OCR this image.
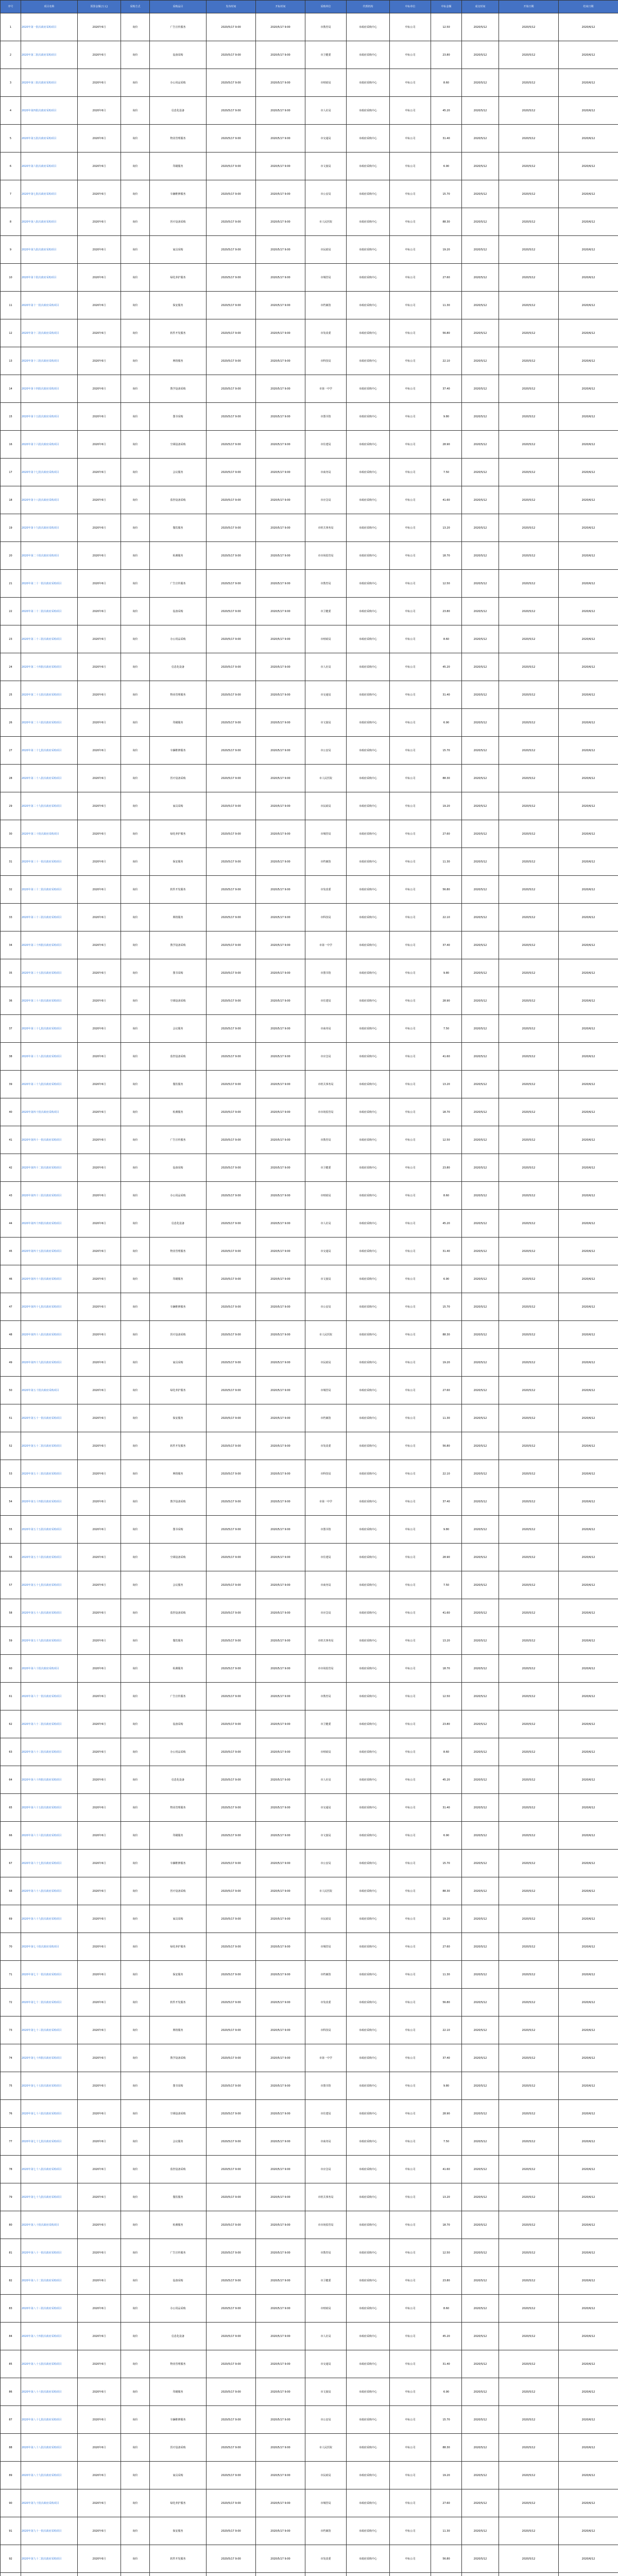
序号	项目名称	预算金额(万元)	采购方式	采购品目	发布时间	开标时间	采购单位	代理机构	中标单位	中标金额	成交时间	开始日期	结束日期
1	2020年第一批次政府采购项目	2020年6月	询价	广告宣传服务	2020/5/17 9:00	2020/5/17 9:00	市教育局	市政府采购中心	中标公司	12.50	2020/5/12	2020/5/12	2020/6/12
2	2020年第二批次政府采购项目	2020年6月	询价	设备采购	2020/5/17 9:00	2020/5/17 9:00	市卫健委	市政府采购中心	中标公司	23.80	2020/5/12	2020/5/12	2020/6/12
3	2020年第三批次政府采购项目	2020年6月	询价	办公用品采购	2020/5/17 9:00	2020/5/17 9:00	市财政局	市政府采购中心	中标公司	8.60	2020/5/12	2020/5/12	2020/6/12
4	2020年第四批次政府采购项目	2020年6月	询价	信息化设备	2020/5/17 9:00	2020/5/17 9:00	市人社局	市政府采购中心	中标公司	45.20	2020/5/12	2020/5/12	2020/6/12
5	2020年第五批次政府采购项目	2020年6月	询价	物业管理服务	2020/5/17 9:00	2020/5/17 9:00	市交通局	市政府采购中心	中标公司	31.40	2020/5/12	2020/5/12	2020/6/12
6	2020年第六批次政府采购项目	2020年6月	询价	印刷服务	2020/5/17 9:00	2020/5/17 9:00	市文旅局	市政府采购中心	中标公司	6.90	2020/5/12	2020/5/12	2020/6/12
7	2020年第七批次政府采购项目	2020年6月	询价	车辆维修服务	2020/5/17 9:00	2020/5/17 9:00	市公安局	市政府采购中心	中标公司	15.70	2020/5/12	2020/5/12	2020/6/12
8	2020年第八批次政府采购项目	2020年6月	询价	医疗设备采购	2020/5/17 9:00	2020/5/17 9:00	市人民医院	市政府采购中心	中标公司	88.30	2020/5/12	2020/5/12	2020/6/12
9	2020年第九批次政府采购项目	2020年6月	询价	家具采购	2020/5/17 9:00	2020/5/17 9:00	市民政局	市政府采购中心	中标公司	19.20	2020/5/12	2020/5/12	2020/6/12
10	2020年第十批次政府采购项目	2020年6月	询价	绿化养护服务	2020/5/17 9:00	2020/5/17 9:00	市城管局	市政府采购中心	中标公司	27.60	2020/5/12	2020/5/12	2020/6/12
11	2020年第十一批次政府采购项目	2020年6月	询价	保安服务	2020/5/17 9:00	2020/5/17 9:00	市档案馆	市政府采购中心	中标公司	11.30	2020/5/12	2020/5/12	2020/6/12
12	2020年第十二批次政府采购项目	2020年6月	询价	软件开发服务	2020/5/17 9:00	2020/5/17 9:00	市发改委	市政府采购中心	中标公司	56.80	2020/5/12	2020/5/12	2020/6/12
13	2020年第十三批次政府采购项目	2020年6月	询价	网络服务	2020/5/17 9:00	2020/5/17 9:00	市科技局	市政府采购中心	中标公司	22.10	2020/5/12	2020/5/12	2020/6/12
14	2020年第十四批次政府采购项目	2020年6月	询价	教学设备采购	2020/5/17 9:00	2020/5/17 9:00	市第一中学	市政府采购中心	中标公司	37.40	2020/5/12	2020/5/12	2020/6/12
15	2020年第十五批次政府采购项目	2020年6月	询价	图书采购	2020/5/17 9:00	2020/5/17 9:00	市图书馆	市政府采购中心	中标公司	9.80	2020/5/12	2020/5/12	2020/6/12
16	2020年第十六批次政府采购项目	2020年6月	询价	空调设备采购	2020/5/17 9:00	2020/5/17 9:00	市住建局	市政府采购中心	中标公司	28.90	2020/5/12	2020/5/12	2020/6/12
17	2020年第十七批次政府采购项目	2020年6月	询价	会议服务	2020/5/17 9:00	2020/5/17 9:00	市商务局	市政府采购中心	中标公司	7.50	2020/5/12	2020/5/12	2020/6/12
18	2020年第十八批次政府采购项目	2020年6月	询价	监控设备采购	2020/5/17 9:00	2020/5/17 9:00	市应急局	市政府采购中心	中标公司	41.60	2020/5/12	2020/5/12	2020/6/12
19	2020年第十九批次政府采购项目	2020年6月	询价	餐饮服务	2020/5/17 9:00	2020/5/17 9:00	市机关事务局	市政府采购中心	中标公司	13.20	2020/5/12	2020/5/12	2020/6/12
20	2020年第二十批次政府采购项目	2020年6月	询价	检测服务	2020/5/17 9:00	2020/5/17 9:00	市市场监管局	市政府采购中心	中标公司	18.70	2020/5/12	2020/5/12	2020/6/12
21	2020年第二十一批次政府采购项目	2020年6月	询价	广告宣传服务	2020/5/17 9:00	2020/5/17 9:00	市教育局	市政府采购中心	中标公司	12.50	2020/5/12	2020/5/12	2020/6/12
22	2020年第二十二批次政府采购项目	2020年6月	询价	设备采购	2020/5/17 9:00	2020/5/17 9:00	市卫健委	市政府采购中心	中标公司	23.80	2020/5/12	2020/5/12	2020/6/12
23	2020年第二十三批次政府采购项目	2020年6月	询价	办公用品采购	2020/5/17 9:00	2020/5/17 9:00	市财政局	市政府采购中心	中标公司	8.60	2020/5/12	2020/5/12	2020/6/12
24	2020年第二十四批次政府采购项目	2020年6月	询价	信息化设备	2020/5/17 9:00	2020/5/17 9:00	市人社局	市政府采购中心	中标公司	45.20	2020/5/12	2020/5/12	2020/6/12
25	2020年第二十五批次政府采购项目	2020年6月	询价	物业管理服务	2020/5/17 9:00	2020/5/17 9:00	市交通局	市政府采购中心	中标公司	31.40	2020/5/12	2020/5/12	2020/6/12
26	2020年第二十六批次政府采购项目	2020年6月	询价	印刷服务	2020/5/17 9:00	2020/5/17 9:00	市文旅局	市政府采购中心	中标公司	6.90	2020/5/12	2020/5/12	2020/6/12
27	2020年第二十七批次政府采购项目	2020年6月	询价	车辆维修服务	2020/5/17 9:00	2020/5/17 9:00	市公安局	市政府采购中心	中标公司	15.70	2020/5/12	2020/5/12	2020/6/12
28	2020年第二十八批次政府采购项目	2020年6月	询价	医疗设备采购	2020/5/17 9:00	2020/5/17 9:00	市人民医院	市政府采购中心	中标公司	88.30	2020/5/12	2020/5/12	2020/6/12
29	2020年第二十九批次政府采购项目	2020年6月	询价	家具采购	2020/5/17 9:00	2020/5/17 9:00	市民政局	市政府采购中心	中标公司	19.20	2020/5/12	2020/5/12	2020/6/12
30	2020年第三十批次政府采购项目	2020年6月	询价	绿化养护服务	2020/5/17 9:00	2020/5/17 9:00	市城管局	市政府采购中心	中标公司	27.60	2020/5/12	2020/5/12	2020/6/12
31	2020年第三十一批次政府采购项目	2020年6月	询价	保安服务	2020/5/17 9:00	2020/5/17 9:00	市档案馆	市政府采购中心	中标公司	11.30	2020/5/12	2020/5/12	2020/6/12
32	2020年第三十二批次政府采购项目	2020年6月	询价	软件开发服务	2020/5/17 9:00	2020/5/17 9:00	市发改委	市政府采购中心	中标公司	56.80	2020/5/12	2020/5/12	2020/6/12
33	2020年第三十三批次政府采购项目	2020年6月	询价	网络服务	2020/5/17 9:00	2020/5/17 9:00	市科技局	市政府采购中心	中标公司	22.10	2020/5/12	2020/5/12	2020/6/12
34	2020年第三十四批次政府采购项目	2020年6月	询价	教学设备采购	2020/5/17 9:00	2020/5/17 9:00	市第一中学	市政府采购中心	中标公司	37.40	2020/5/12	2020/5/12	2020/6/12
35	2020年第三十五批次政府采购项目	2020年6月	询价	图书采购	2020/5/17 9:00	2020/5/17 9:00	市图书馆	市政府采购中心	中标公司	9.80	2020/5/12	2020/5/12	2020/6/12
36	2020年第三十六批次政府采购项目	2020年6月	询价	空调设备采购	2020/5/17 9:00	2020/5/17 9:00	市住建局	市政府采购中心	中标公司	28.90	2020/5/12	2020/5/12	2020/6/12
37	2020年第三十七批次政府采购项目	2020年6月	询价	会议服务	2020/5/17 9:00	2020/5/17 9:00	市商务局	市政府采购中心	中标公司	7.50	2020/5/12	2020/5/12	2020/6/12
38	2020年第三十八批次政府采购项目	2020年6月	询价	监控设备采购	2020/5/17 9:00	2020/5/17 9:00	市应急局	市政府采购中心	中标公司	41.60	2020/5/12	2020/5/12	2020/6/12
39	2020年第三十九批次政府采购项目	2020年6月	询价	餐饮服务	2020/5/17 9:00	2020/5/17 9:00	市机关事务局	市政府采购中心	中标公司	13.20	2020/5/12	2020/5/12	2020/6/12
40	2020年第四十批次政府采购项目	2020年6月	询价	检测服务	2020/5/17 9:00	2020/5/17 9:00	市市场监管局	市政府采购中心	中标公司	18.70	2020/5/12	2020/5/12	2020/6/12
41	2020年第四十一批次政府采购项目	2020年6月	询价	广告宣传服务	2020/5/17 9:00	2020/5/17 9:00	市教育局	市政府采购中心	中标公司	12.50	2020/5/12	2020/5/12	2020/6/12
42	2020年第四十二批次政府采购项目	2020年6月	询价	设备采购	2020/5/17 9:00	2020/5/17 9:00	市卫健委	市政府采购中心	中标公司	23.80	2020/5/12	2020/5/12	2020/6/12
43	2020年第四十三批次政府采购项目	2020年6月	询价	办公用品采购	2020/5/17 9:00	2020/5/17 9:00	市财政局	市政府采购中心	中标公司	8.60	2020/5/12	2020/5/12	2020/6/12
44	2020年第四十四批次政府采购项目	2020年6月	询价	信息化设备	2020/5/17 9:00	2020/5/17 9:00	市人社局	市政府采购中心	中标公司	45.20	2020/5/12	2020/5/12	2020/6/12
45	2020年第四十五批次政府采购项目	2020年6月	询价	物业管理服务	2020/5/17 9:00	2020/5/17 9:00	市交通局	市政府采购中心	中标公司	31.40	2020/5/12	2020/5/12	2020/6/12
46	2020年第四十六批次政府采购项目	2020年6月	询价	印刷服务	2020/5/17 9:00	2020/5/17 9:00	市文旅局	市政府采购中心	中标公司	6.90	2020/5/12	2020/5/12	2020/6/12
47	2020年第四十七批次政府采购项目	2020年6月	询价	车辆维修服务	2020/5/17 9:00	2020/5/17 9:00	市公安局	市政府采购中心	中标公司	15.70	2020/5/12	2020/5/12	2020/6/12
48	2020年第四十八批次政府采购项目	2020年6月	询价	医疗设备采购	2020/5/17 9:00	2020/5/17 9:00	市人民医院	市政府采购中心	中标公司	88.30	2020/5/12	2020/5/12	2020/6/12
49	2020年第四十九批次政府采购项目	2020年6月	询价	家具采购	2020/5/17 9:00	2020/5/17 9:00	市民政局	市政府采购中心	中标公司	19.20	2020/5/12	2020/5/12	2020/6/12
50	2020年第五十批次政府采购项目	2020年6月	询价	绿化养护服务	2020/5/17 9:00	2020/5/17 9:00	市城管局	市政府采购中心	中标公司	27.60	2020/5/12	2020/5/12	2020/6/12
51	2020年第五十一批次政府采购项目	2020年6月	询价	保安服务	2020/5/17 9:00	2020/5/17 9:00	市档案馆	市政府采购中心	中标公司	11.30	2020/5/12	2020/5/12	2020/6/12
52	2020年第五十二批次政府采购项目	2020年6月	询价	软件开发服务	2020/5/17 9:00	2020/5/17 9:00	市发改委	市政府采购中心	中标公司	56.80	2020/5/12	2020/5/12	2020/6/12
53	2020年第五十三批次政府采购项目	2020年6月	询价	网络服务	2020/5/17 9:00	2020/5/17 9:00	市科技局	市政府采购中心	中标公司	22.10	2020/5/12	2020/5/12	2020/6/12
54	2020年第五十四批次政府采购项目	2020年6月	询价	教学设备采购	2020/5/17 9:00	2020/5/17 9:00	市第一中学	市政府采购中心	中标公司	37.40	2020/5/12	2020/5/12	2020/6/12
55	2020年第五十五批次政府采购项目	2020年6月	询价	图书采购	2020/5/17 9:00	2020/5/17 9:00	市图书馆	市政府采购中心	中标公司	9.80	2020/5/12	2020/5/12	2020/6/12
56	2020年第五十六批次政府采购项目	2020年6月	询价	空调设备采购	2020/5/17 9:00	2020/5/17 9:00	市住建局	市政府采购中心	中标公司	28.90	2020/5/12	2020/5/12	2020/6/12
57	2020年第五十七批次政府采购项目	2020年6月	询价	会议服务	2020/5/17 9:00	2020/5/17 9:00	市商务局	市政府采购中心	中标公司	7.50	2020/5/12	2020/5/12	2020/6/12
58	2020年第五十八批次政府采购项目	2020年6月	询价	监控设备采购	2020/5/17 9:00	2020/5/17 9:00	市应急局	市政府采购中心	中标公司	41.60	2020/5/12	2020/5/12	2020/6/12
59	2020年第五十九批次政府采购项目	2020年6月	询价	餐饮服务	2020/5/17 9:00	2020/5/17 9:00	市机关事务局	市政府采购中心	中标公司	13.20	2020/5/12	2020/5/12	2020/6/12
60	2020年第六十批次政府采购项目	2020年6月	询价	检测服务	2020/5/17 9:00	2020/5/17 9:00	市市场监管局	市政府采购中心	中标公司	18.70	2020/5/12	2020/5/12	2020/6/12
61	2020年第六十一批次政府采购项目	2020年6月	询价	广告宣传服务	2020/5/17 9:00	2020/5/17 9:00	市教育局	市政府采购中心	中标公司	12.50	2020/5/12	2020/5/12	2020/6/12
62	2020年第六十二批次政府采购项目	2020年6月	询价	设备采购	2020/5/17 9:00	2020/5/17 9:00	市卫健委	市政府采购中心	中标公司	23.80	2020/5/12	2020/5/12	2020/6/12
63	2020年第六十三批次政府采购项目	2020年6月	询价	办公用品采购	2020/5/17 9:00	2020/5/17 9:00	市财政局	市政府采购中心	中标公司	8.60	2020/5/12	2020/5/12	2020/6/12
64	2020年第六十四批次政府采购项目	2020年6月	询价	信息化设备	2020/5/17 9:00	2020/5/17 9:00	市人社局	市政府采购中心	中标公司	45.20	2020/5/12	2020/5/12	2020/6/12
65	2020年第六十五批次政府采购项目	2020年6月	询价	物业管理服务	2020/5/17 9:00	2020/5/17 9:00	市交通局	市政府采购中心	中标公司	31.40	2020/5/12	2020/5/12	2020/6/12
66	2020年第六十六批次政府采购项目	2020年6月	询价	印刷服务	2020/5/17 9:00	2020/5/17 9:00	市文旅局	市政府采购中心	中标公司	6.90	2020/5/12	2020/5/12	2020/6/12
67	2020年第六十七批次政府采购项目	2020年6月	询价	车辆维修服务	2020/5/17 9:00	2020/5/17 9:00	市公安局	市政府采购中心	中标公司	15.70	2020/5/12	2020/5/12	2020/6/12
68	2020年第六十八批次政府采购项目	2020年6月	询价	医疗设备采购	2020/5/17 9:00	2020/5/17 9:00	市人民医院	市政府采购中心	中标公司	88.30	2020/5/12	2020/5/12	2020/6/12
69	2020年第六十九批次政府采购项目	2020年6月	询价	家具采购	2020/5/17 9:00	2020/5/17 9:00	市民政局	市政府采购中心	中标公司	19.20	2020/5/12	2020/5/12	2020/6/12
70	2020年第七十批次政府采购项目	2020年6月	询价	绿化养护服务	2020/5/17 9:00	2020/5/17 9:00	市城管局	市政府采购中心	中标公司	27.60	2020/5/12	2020/5/12	2020/6/12
71	2020年第七十一批次政府采购项目	2020年6月	询价	保安服务	2020/5/17 9:00	2020/5/17 9:00	市档案馆	市政府采购中心	中标公司	11.30	2020/5/12	2020/5/12	2020/6/12
72	2020年第七十二批次政府采购项目	2020年6月	询价	软件开发服务	2020/5/17 9:00	2020/5/17 9:00	市发改委	市政府采购中心	中标公司	56.80	2020/5/12	2020/5/12	2020/6/12
73	2020年第七十三批次政府采购项目	2020年6月	询价	网络服务	2020/5/17 9:00	2020/5/17 9:00	市科技局	市政府采购中心	中标公司	22.10	2020/5/12	2020/5/12	2020/6/12
74	2020年第七十四批次政府采购项目	2020年6月	询价	教学设备采购	2020/5/17 9:00	2020/5/17 9:00	市第一中学	市政府采购中心	中标公司	37.40	2020/5/12	2020/5/12	2020/6/12
75	2020年第七十五批次政府采购项目	2020年6月	询价	图书采购	2020/5/17 9:00	2020/5/17 9:00	市图书馆	市政府采购中心	中标公司	9.80	2020/5/12	2020/5/12	2020/6/12
76	2020年第七十六批次政府采购项目	2020年6月	询价	空调设备采购	2020/5/17 9:00	2020/5/17 9:00	市住建局	市政府采购中心	中标公司	28.90	2020/5/12	2020/5/12	2020/6/12
77	2020年第七十七批次政府采购项目	2020年6月	询价	会议服务	2020/5/17 9:00	2020/5/17 9:00	市商务局	市政府采购中心	中标公司	7.50	2020/5/12	2020/5/12	2020/6/12
78	2020年第七十八批次政府采购项目	2020年6月	询价	监控设备采购	2020/5/17 9:00	2020/5/17 9:00	市应急局	市政府采购中心	中标公司	41.60	2020/5/12	2020/5/12	2020/6/12
79	2020年第七十九批次政府采购项目	2020年6月	询价	餐饮服务	2020/5/17 9:00	2020/5/17 9:00	市机关事务局	市政府采购中心	中标公司	13.20	2020/5/12	2020/5/12	2020/6/12
80	2020年第八十批次政府采购项目	2020年6月	询价	检测服务	2020/5/17 9:00	2020/5/17 9:00	市市场监管局	市政府采购中心	中标公司	18.70	2020/5/12	2020/5/12	2020/6/12
81	2020年第八十一批次政府采购项目	2020年6月	询价	广告宣传服务	2020/5/17 9:00	2020/5/17 9:00	市教育局	市政府采购中心	中标公司	12.50	2020/5/12	2020/5/12	2020/6/12
82	2020年第八十二批次政府采购项目	2020年6月	询价	设备采购	2020/5/17 9:00	2020/5/17 9:00	市卫健委	市政府采购中心	中标公司	23.80	2020/5/12	2020/5/12	2020/6/12
83	2020年第八十三批次政府采购项目	2020年6月	询价	办公用品采购	2020/5/17 9:00	2020/5/17 9:00	市财政局	市政府采购中心	中标公司	8.60	2020/5/12	2020/5/12	2020/6/12
84	2020年第八十四批次政府采购项目	2020年6月	询价	信息化设备	2020/5/17 9:00	2020/5/17 9:00	市人社局	市政府采购中心	中标公司	45.20	2020/5/12	2020/5/12	2020/6/12
85	2020年第八十五批次政府采购项目	2020年6月	询价	物业管理服务	2020/5/17 9:00	2020/5/17 9:00	市交通局	市政府采购中心	中标公司	31.40	2020/5/12	2020/5/12	2020/6/12
86	2020年第八十六批次政府采购项目	2020年6月	询价	印刷服务	2020/5/17 9:00	2020/5/17 9:00	市文旅局	市政府采购中心	中标公司	6.90	2020/5/12	2020/5/12	2020/6/12
87	2020年第八十七批次政府采购项目	2020年6月	询价	车辆维修服务	2020/5/17 9:00	2020/5/17 9:00	市公安局	市政府采购中心	中标公司	15.70	2020/5/12	2020/5/12	2020/6/12
88	2020年第八十八批次政府采购项目	2020年6月	询价	医疗设备采购	2020/5/17 9:00	2020/5/17 9:00	市人民医院	市政府采购中心	中标公司	88.30	2020/5/12	2020/5/12	2020/6/12
89	2020年第八十九批次政府采购项目	2020年6月	询价	家具采购	2020/5/17 9:00	2020/5/17 9:00	市民政局	市政府采购中心	中标公司	19.20	2020/5/12	2020/5/12	2020/6/12
90	2020年第九十批次政府采购项目	2020年6月	询价	绿化养护服务	2020/5/17 9:00	2020/5/17 9:00	市城管局	市政府采购中心	中标公司	27.60	2020/5/12	2020/5/12	2020/6/12
91	2020年第九十一批次政府采购项目	2020年6月	询价	保安服务	2020/5/17 9:00	2020/5/17 9:00	市档案馆	市政府采购中心	中标公司	11.30	2020/5/12	2020/5/12	2020/6/12
92	2020年第九十二批次政府采购项目	2020年6月	询价	软件开发服务	2020/5/17 9:00	2020/5/17 9:00	市发改委	市政府采购中心	中标公司	56.80	2020/5/12	2020/5/12	2020/6/12
